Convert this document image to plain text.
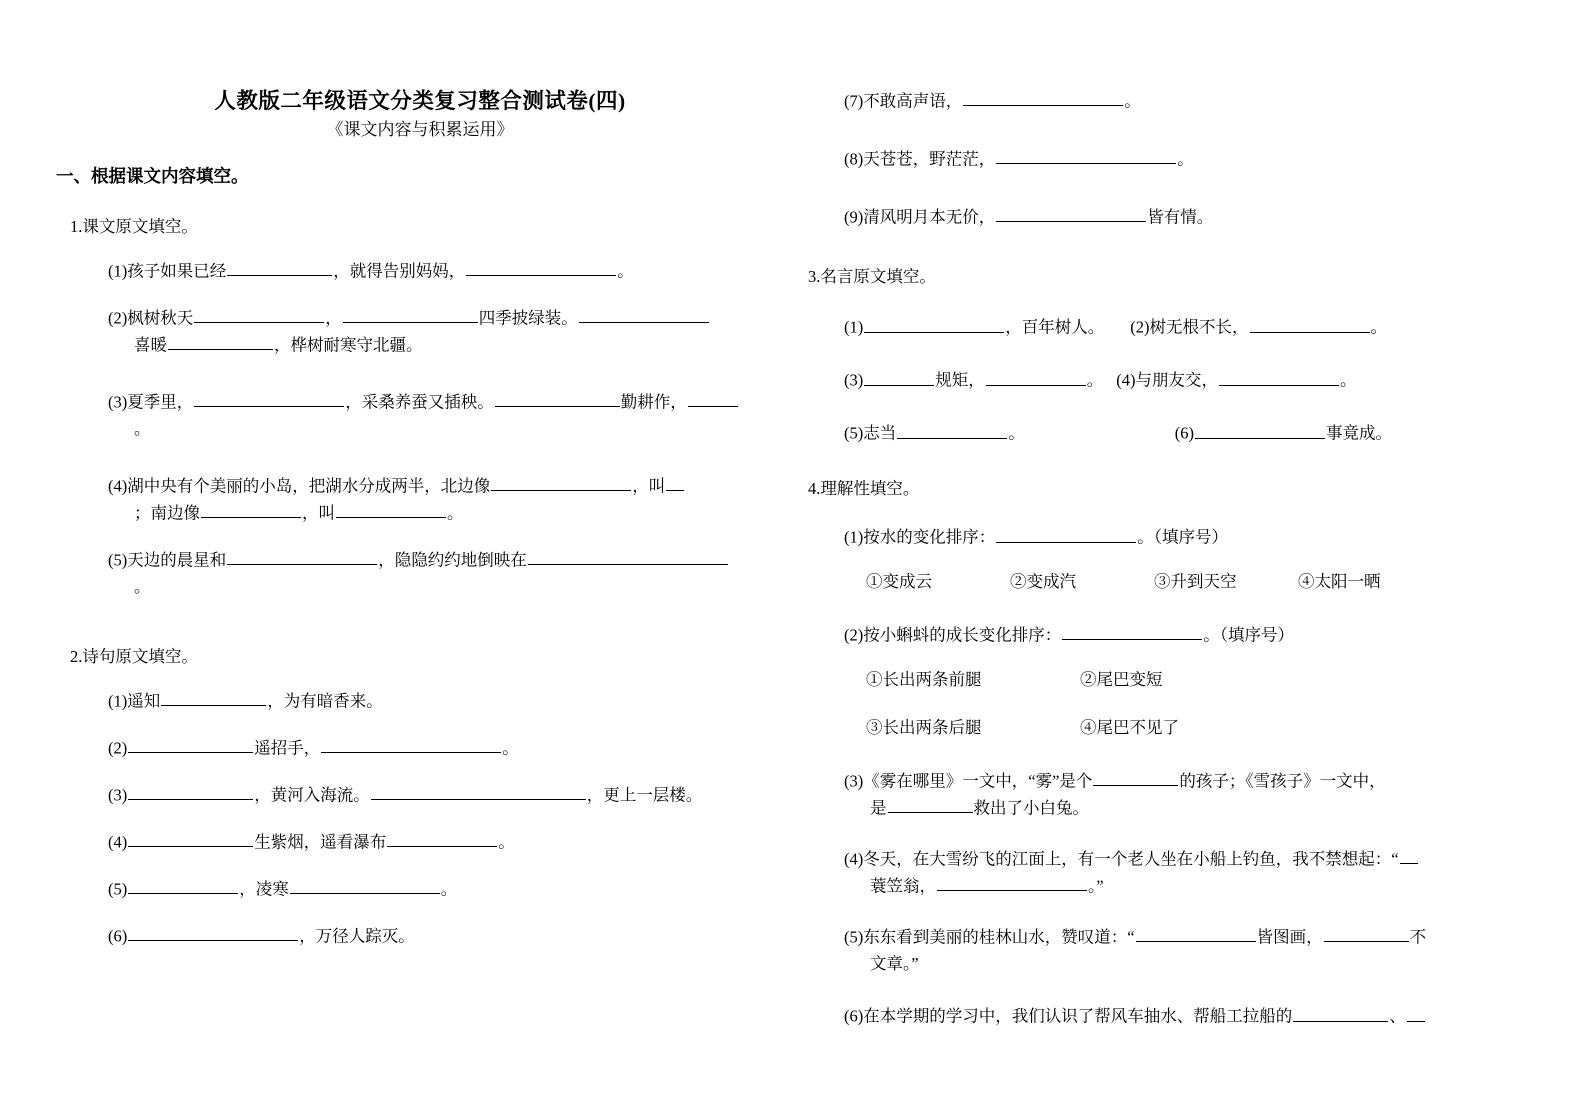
人教版二年级语文分类复习整合测试卷(四)
《课文内容与积累运用》
一、根据课文内容填空。
1.课文原文填空。
(1)孩子如果已经	，就得告别妈妈，	。
(2)枫树秋天	，	四季披绿装。
喜暖	，桦树耐寒守北疆。
(3)夏季里，	，采桑养蚕又插秧。	勤耕作，
。
(4)湖中央有个美丽的小岛，把湖水分成两半，北边像	，叫
；南边像	，叫	。
(5)天边的晨星和	，隐隐约约地倒映在
。
2.诗句原文填空。
(1)遥知	，为有暗香来。
(2)	遥招手，	。
(3)	，黄河入海流。	，更上一层楼。
(4)	生紫烟，遥看瀑布	。
(5)	，凌寒	。
(6)	，万径人踪灭。
(7)不敢高声语，	。
(8)天苍苍，野茫茫，	。
(9)清风明月本无价，	皆有情。
3.名言原文填空。
(1)	，百年树人。 (2)树无根不长，	。
(3)	规矩，	。 (4)与朋友交，	。
(5)志当	。	(6)	事竟成。
4.理解性填空。
(1)按水的变化排序：	。（填序号）
①变成云	②变成汽	③升到天空	④太阳一晒
(2)按小蝌蚪的成长变化排序：	。（填序号）
①长出两条前腿	②尾巴变短
③长出两条后腿	④尾巴不见了
(3)《雾在哪里》一文中，“雾”是个	的孩子；《雪孩子》一文中，
是	救出了小白兔。
(4)冬天，在大雪纷飞的江面上，有一个老人坐在小船上钓鱼，我不禁想起：“
蓑笠翁，	。”
(5)东东看到美丽的桂林山水，赞叹道：“	皆图画，	不
文章。”
(6)在本学期的学习中，我们认识了帮风车抽水、帮船工拉船的	、
